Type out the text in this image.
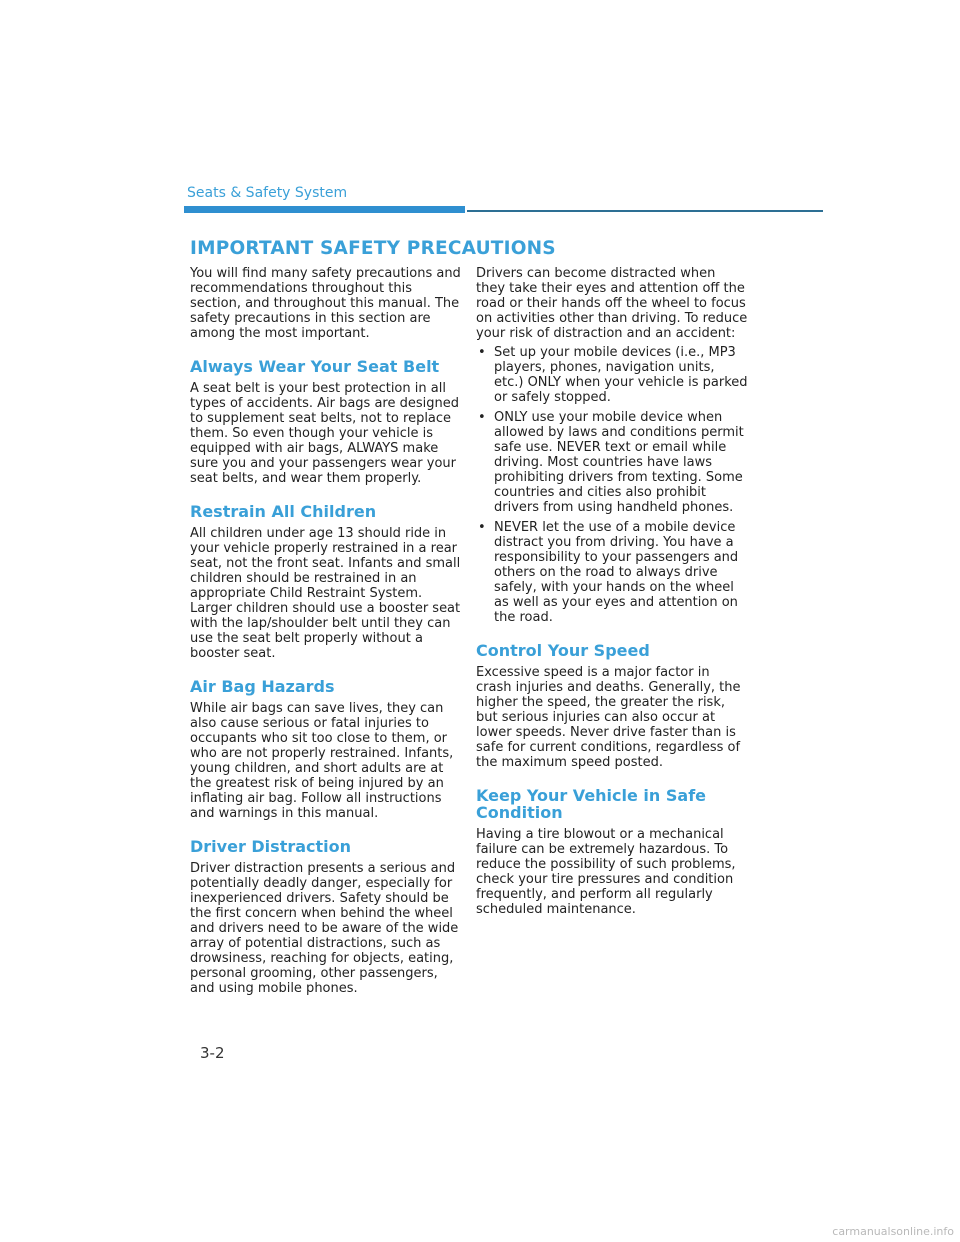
Seats & Safety System
IMPORTANT SAFETY PRECAUTIONS

You will find many safety precautions and recommendations throughout this section, and throughout this manual. The safety precautions in this section are among the most important.

Always Wear Your Seat Belt

A seat belt is your best protection in all types of accidents. Air bags are designed to supplement seat belts, not to replace them. So even though your vehicle is equipped with air bags, ALWAYS make sure you and your passengers wear your seat belts, and wear them properly.

Restrain All Children

All children under age 13 should ride in your vehicle properly restrained in a rear seat, not the front seat. Infants and small children should be restrained in an appropriate Child Restraint System. Larger children should use a booster seat with the lap/shoulder belt until they can use the seat belt properly without a booster seat.

Air Bag Hazards

While air bags can save lives, they can also cause serious or fatal injuries to occupants who sit too close to them, or who are not properly restrained. Infants, young children, and short adults are at the greatest risk of being injured by an inflating air bag. Follow all instructions and warnings in this manual.

Driver Distraction

Driver distraction presents a serious and potentially deadly danger, especially for inexperienced drivers. Safety should be the first concern when behind the wheel and drivers need to be aware of the wide array of potential distractions, such as drowsiness, reaching for objects, eating, personal grooming, other passengers, and using mobile phones.

Drivers can become distracted when they take their eyes and attention off the road or their hands off the wheel to focus on activities other than driving. To reduce your risk of distraction and an accident:

• Set up your mobile devices (i.e., MP3 players, phones, navigation units, etc.) ONLY when your vehicle is parked or safely stopped.
• ONLY use your mobile device when allowed by laws and conditions permit safe use. NEVER text or email while driving. Most countries have laws prohibiting drivers from texting. Some countries and cities also prohibit drivers from using handheld phones.
• NEVER let the use of a mobile device distract you from driving. You have a responsibility to your passengers and others on the road to always drive safely, with your hands on the wheel as well as your eyes and attention on the road.
Control Your Speed

Excessive speed is a major factor in crash injuries and deaths. Generally, the higher the speed, the greater the risk, but serious injuries can also occur at lower speeds. Never drive faster than is safe for current conditions, regardless of the maximum speed posted.

Keep Your Vehicle in Safe Condition

Having a tire blowout or a mechanical failure can be extremely hazardous. To reduce the possibility of such problems, check your tire pressures and condition frequently, and perform all regularly scheduled maintenance.

3-2
carmanualsonline.info
